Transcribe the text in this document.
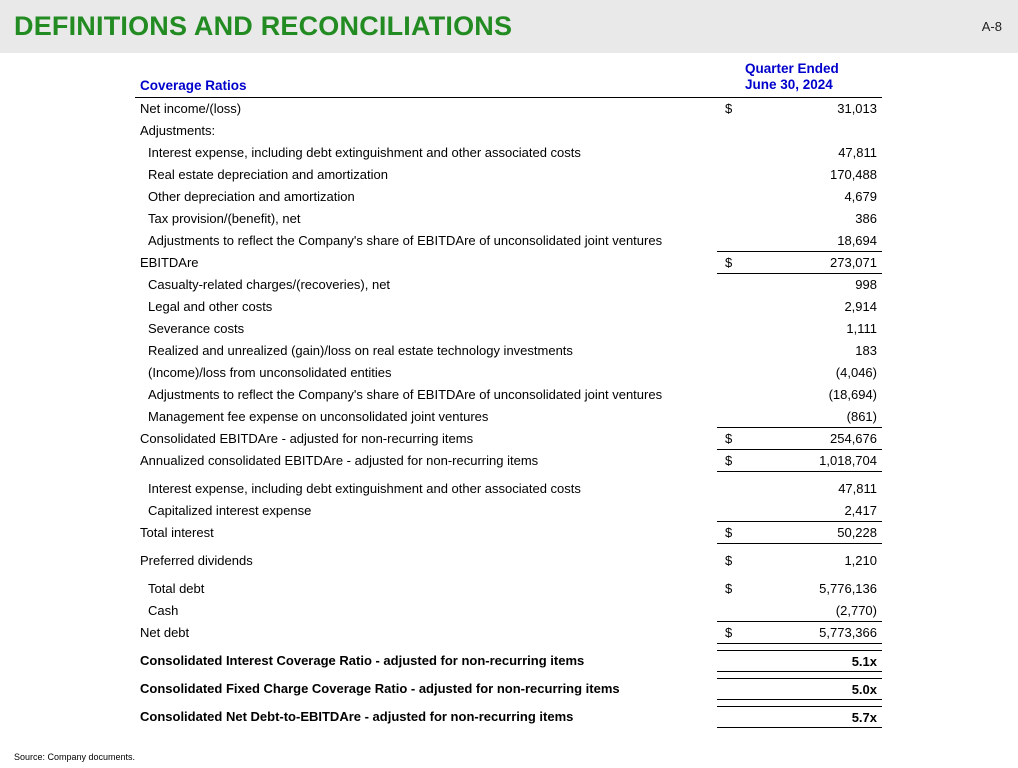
DEFINITIONS AND RECONCILIATIONS	A-8
Coverage Ratios
Quarter Ended
June 30, 2024
Net income/(loss)	$	31,013
Adjustments:
Interest expense, including debt extinguishment and other associated costs	47,811
Real estate depreciation and amortization	170,488
Other depreciation and amortization	4,679
Tax provision/(benefit), net	386
Adjustments to reflect the Company's share of EBITDAre of unconsolidated joint ventures	18,694
EBITDAre	$	273,071
Casualty-related charges/(recoveries), net	998
Legal and other costs	2,914
Severance costs	1,111
Realized and unrealized (gain)/loss on real estate technology investments	183
(Income)/loss from unconsolidated entities	(4,046)
Adjustments to reflect the Company's share of EBITDAre of unconsolidated joint ventures	(18,694)
Management fee expense on unconsolidated joint ventures	(861)
Consolidated EBITDAre - adjusted for non-recurring items	$	254,676
Annualized consolidated EBITDAre - adjusted for non-recurring items	$	1,018,704
Interest expense, including debt extinguishment and other associated costs	47,811
Capitalized interest expense	2,417
Total interest	$	50,228
Preferred dividends	$	1,210
Total debt	$	5,776,136
Cash	(2,770)
Net debt	$	5,773,366
Consolidated Interest Coverage Ratio - adjusted for non-recurring items	5.1x
Consolidated Fixed Charge Coverage Ratio - adjusted for non-recurring items	5.0x
Consolidated Net Debt-to-EBITDAre - adjusted for non-recurring items	5.7x
Source: Company documents.
